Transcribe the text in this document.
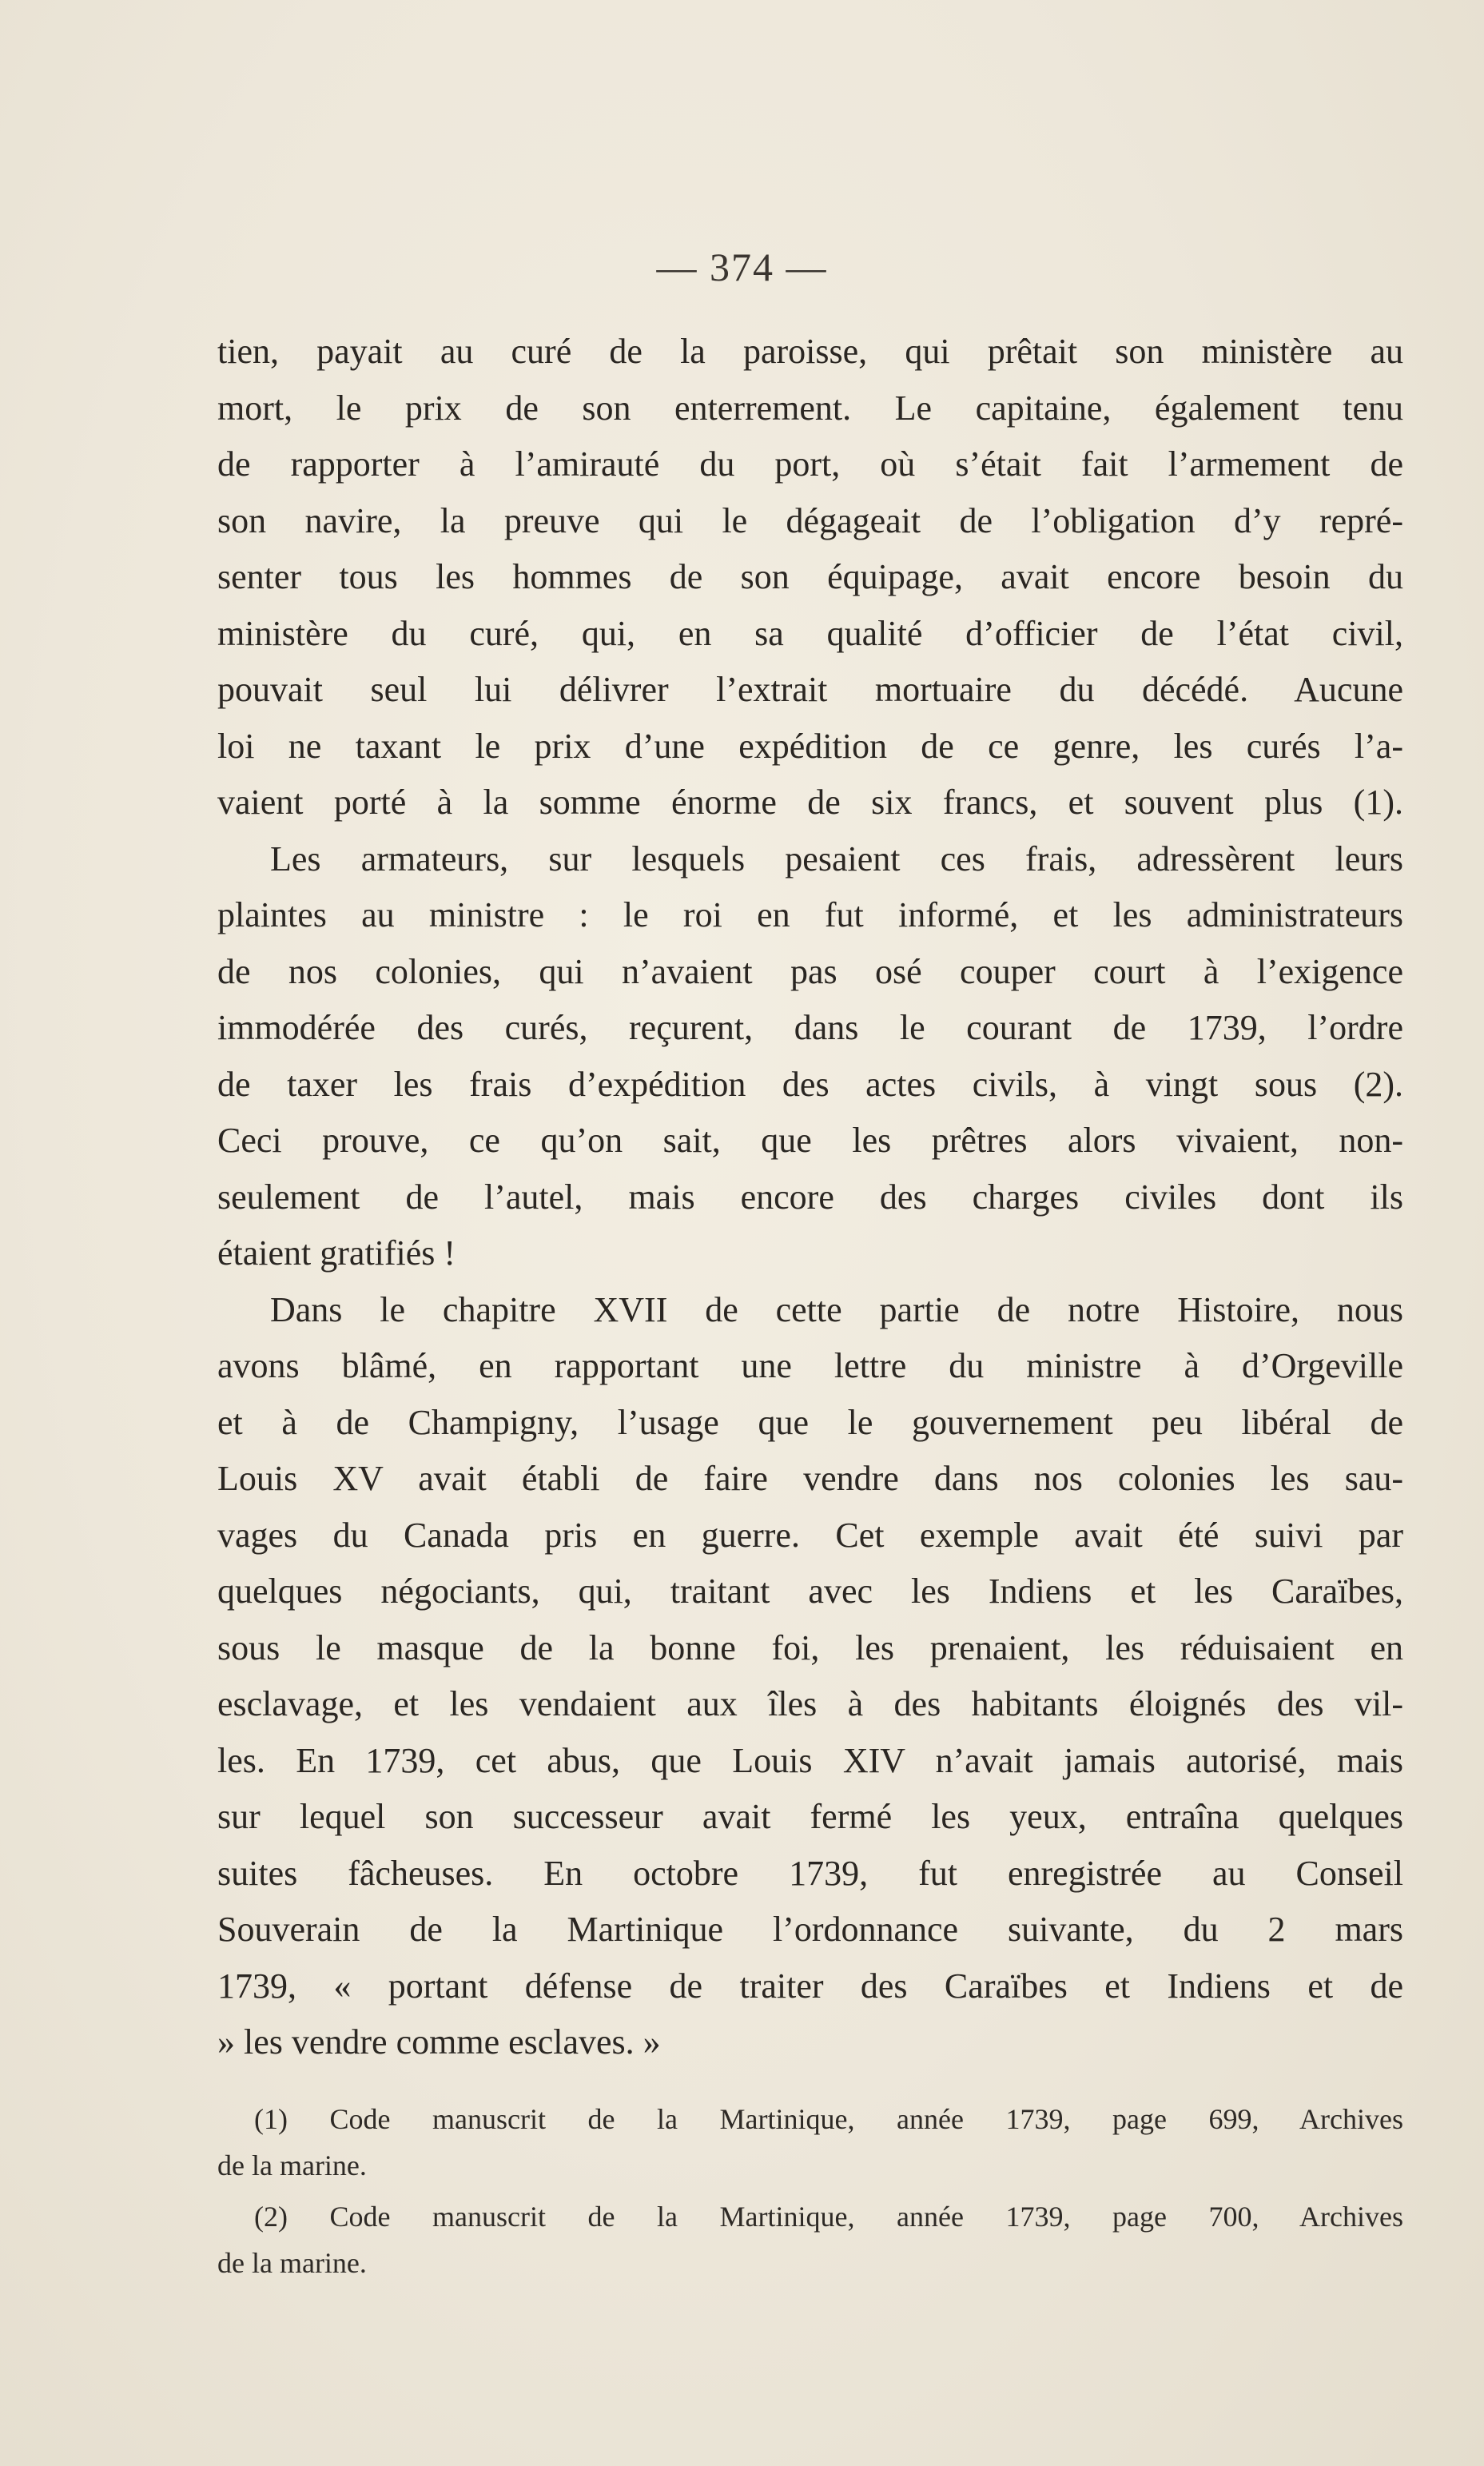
— 374 —
tien, payait au curé de la paroisse, qui prêtait son ministère au
mort, le prix de son enterrement. Le capitaine, également tenu
de rapporter à l’amirauté du port, où s’était fait l’armement de
son navire, la preuve qui le dégageait de l’obligation d’y repré-
senter tous les hommes de son équipage, avait encore besoin du
ministère du curé, qui, en sa qualité d’officier de l’état civil,
pouvait seul lui délivrer l’extrait mortuaire du décédé. Aucune
loi ne taxant le prix d’une expédition de ce genre, les curés l’a-
vaient porté à la somme énorme de six francs, et souvent plus (1).
Les armateurs, sur lesquels pesaient ces frais, adressèrent leurs
plaintes au ministre : le roi en fut informé, et les administrateurs
de nos colonies, qui n’avaient pas osé couper court à l’exigence
immodérée des curés, reçurent, dans le courant de 1739, l’ordre
de taxer les frais d’expédition des actes civils, à vingt sous (2).
Ceci prouve, ce qu’on sait, que les prêtres alors vivaient, non-
seulement de l’autel, mais encore des charges civiles dont ils
étaient gratifiés !
Dans le chapitre XVII de cette partie de notre Histoire, nous
avons blâmé, en rapportant une lettre du ministre à d’Orgeville
et à de Champigny, l’usage que le gouvernement peu libéral de
Louis XV avait établi de faire vendre dans nos colonies les sau-
vages du Canada pris en guerre. Cet exemple avait été suivi par
quelques négociants, qui, traitant avec les Indiens et les Caraïbes,
sous le masque de la bonne foi, les prenaient, les réduisaient en
esclavage, et les vendaient aux îles à des habitants éloignés des vil-
les. En 1739, cet abus, que Louis XIV n’avait jamais autorisé, mais
sur lequel son successeur avait fermé les yeux, entraîna quelques
suites fâcheuses. En octobre 1739, fut enregistrée au Conseil
Souverain de la Martinique l’ordonnance suivante, du 2 mars
1739, « portant défense de traiter des Caraïbes et Indiens et de
» les vendre comme esclaves. »
(1) Code manuscrit de la Martinique, année 1739, page 699, Archives
de la marine.
(2) Code manuscrit de la Martinique, année 1739, page 700, Archives
de la marine.
